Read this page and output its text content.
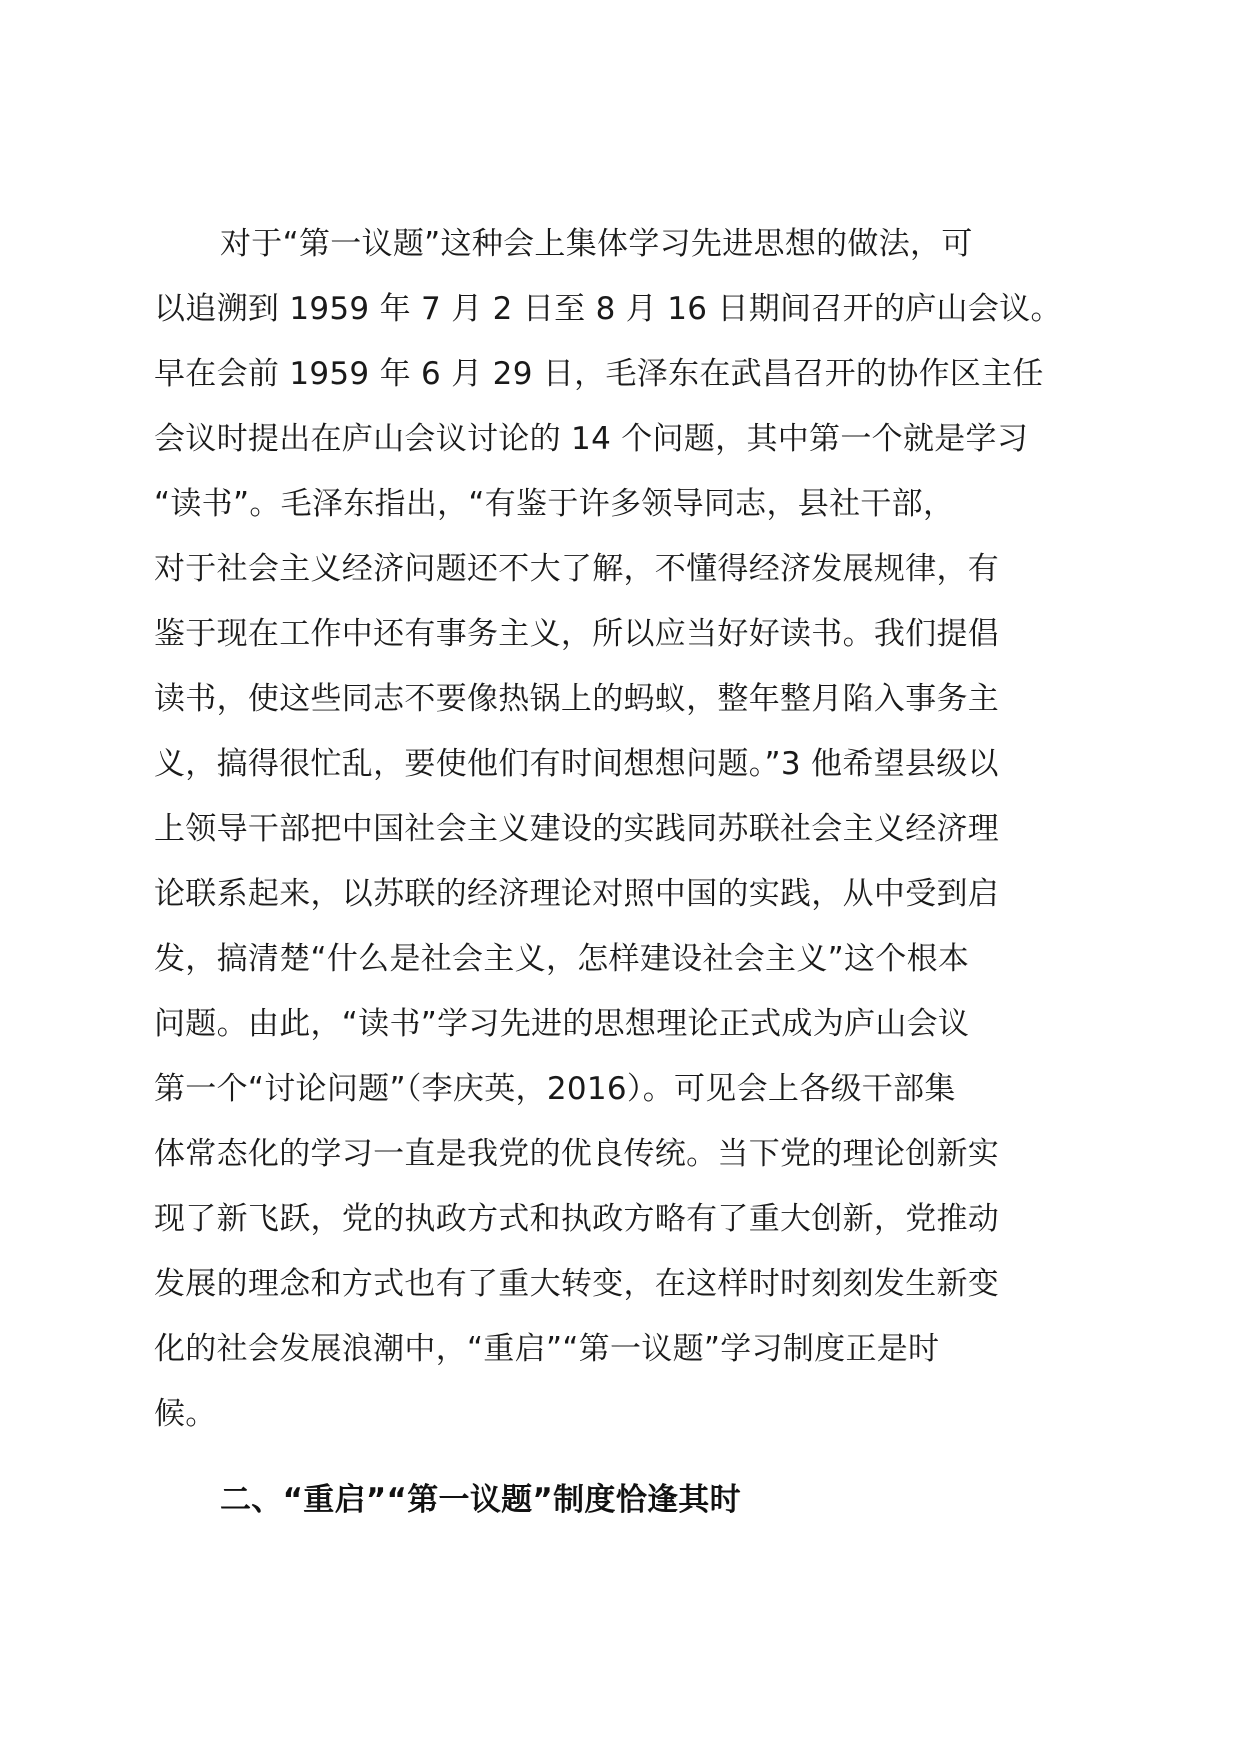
对于“第一议题”这种会上集体学习先进思想的做法，可
以追溯到 1959 年 7 月 2 日至 8 月 16 日期间召开的庐山会议。
早在会前 1959 年 6 月 29 日，毛泽东在武昌召开的协作区主任
会议时提出在庐山会议讨论的 14 个问题，其中第一个就是学习
“读书”。毛泽东指出，“有鉴于许多领导同志，县社干部，
对于社会主义经济问题还不大了解，不懂得经济发展规律，有
鉴于现在工作中还有事务主义，所以应当好好读书。我们提倡
读书，使这些同志不要像热锅上的蚂蚁，整年整月陷入事务主
义，搞得很忙乱，要使他们有时间想想问题。”3 他希望县级以
上领导干部把中国社会主义建设的实践同苏联社会主义经济理
论联系起来，以苏联的经济理论对照中国的实践，从中受到启
发，搞清楚“什么是社会主义，怎样建设社会主义”这个根本
问题。由此，“读书”学习先进的思想理论正式成为庐山会议
第一个“讨论问题”（李庆英，2016）。可见会上各级干部集
体常态化的学习一直是我党的优良传统。当下党的理论创新实
现了新飞跃，党的执政方式和执政方略有了重大创新，党推动
发展的理念和方式也有了重大转变，在这样时时刻刻发生新变
化的社会发展浪潮中，“重启”“第一议题”学习制度正是时
候。
二、“重启”“第一议题”制度恰逢其时
